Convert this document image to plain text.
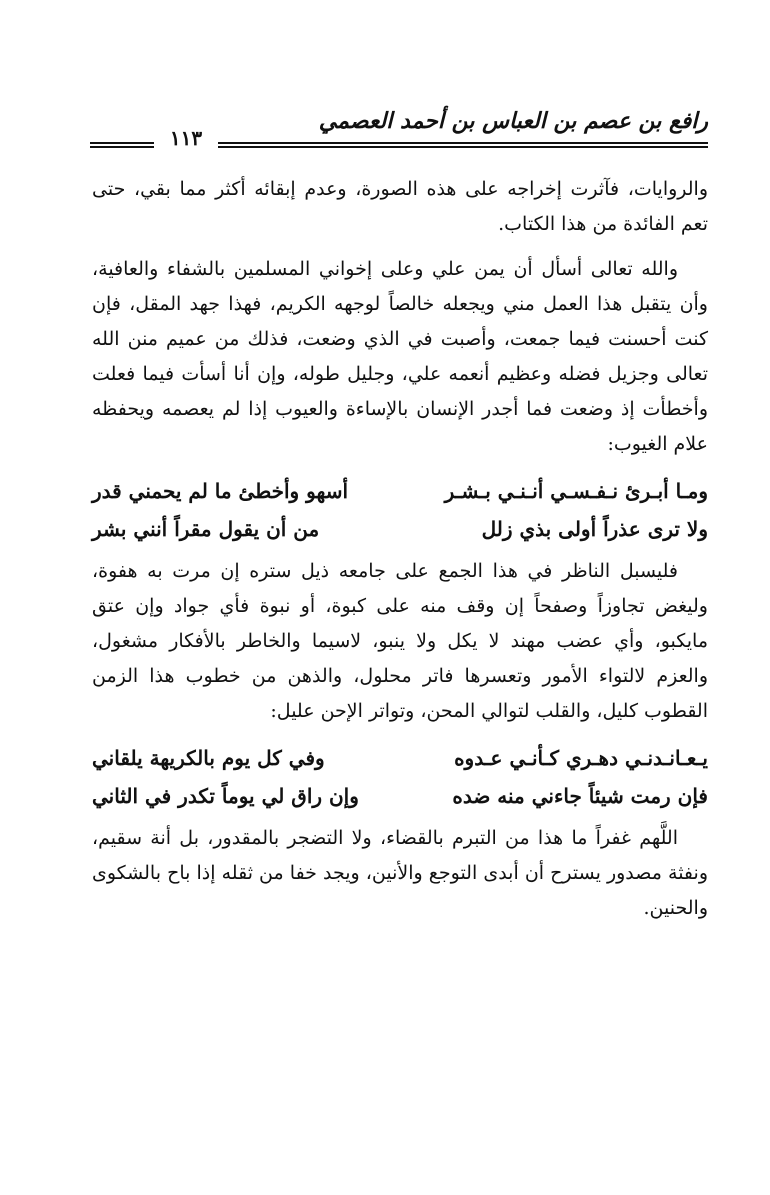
رافع بن عصم بن العباس بن أحمد العصمي
١١٣

والروايات، فآثرت إخراجه على هذه الصورة، وعدم إبقائه أكثر مما بقي، حتى تعم الفائدة من هذا الكتاب.

والله تعالى أسأل أن يمن علي وعلى إخواني المسلمين بالشفاء والعافية، وأن يتقبل هذا العمل مني ويجعله خالصاً لوجهه الكريم، فهذا جهد المقل، فإن كنت أحسنت فيما جمعت، وأصبت في الذي وضعت، فذلك من عميم منن الله تعالى وجزيل فضله وعظيم أنعمه علي، وجليل طوله، وإن أنا أسأت فيما فعلت وأخطأت إذ وضعت فما أجدر الإنسان بالإساءة والعيوب إذا لم يعصمه ويحفظه علام الغيوب:

ومـا أبـرئ نـفـسـي أنـنـي بـشـر
أسهو وأخطئ ما لم يحمني قدر
ولا ترى عذراً أولى بذي زلل
من أن يقول مقراً أنني بشر

فليسبل الناظر في هذا الجمع على جامعه ذيل ستره إن مرت به هفوة، وليغض تجاوزاً وصفحاً إن وقف منه على كبوة، أو نبوة فأي جواد وإن عتق مايكبو، وأي عضب مهند لا يكل ولا ينبو، لاسيما والخاطر بالأفكار مشغول، والعزم لالتواء الأمور وتعسرها فاتر محلول، والذهن من خطوب هذا الزمن القطوب كليل، والقلب لتوالي المحن، وتواتر الإحن عليل:

يـعـانـدنـي دهـري كـأنـي عـدوه
وفي كل يوم بالكريهة يلقاني
فإن رمت شيئاً جاءني منه ضده
وإن راق لي يوماً تكدر في الثاني

اللَّهم غفراً ما هذا من التبرم بالقضاء، ولا التضجر بالمقدور، بل أنة سقيم، ونفثة مصدور يسترح أن أبدى التوجع والأنين، ويجد خفا من ثقله إذا باح بالشكوى والحنين.
